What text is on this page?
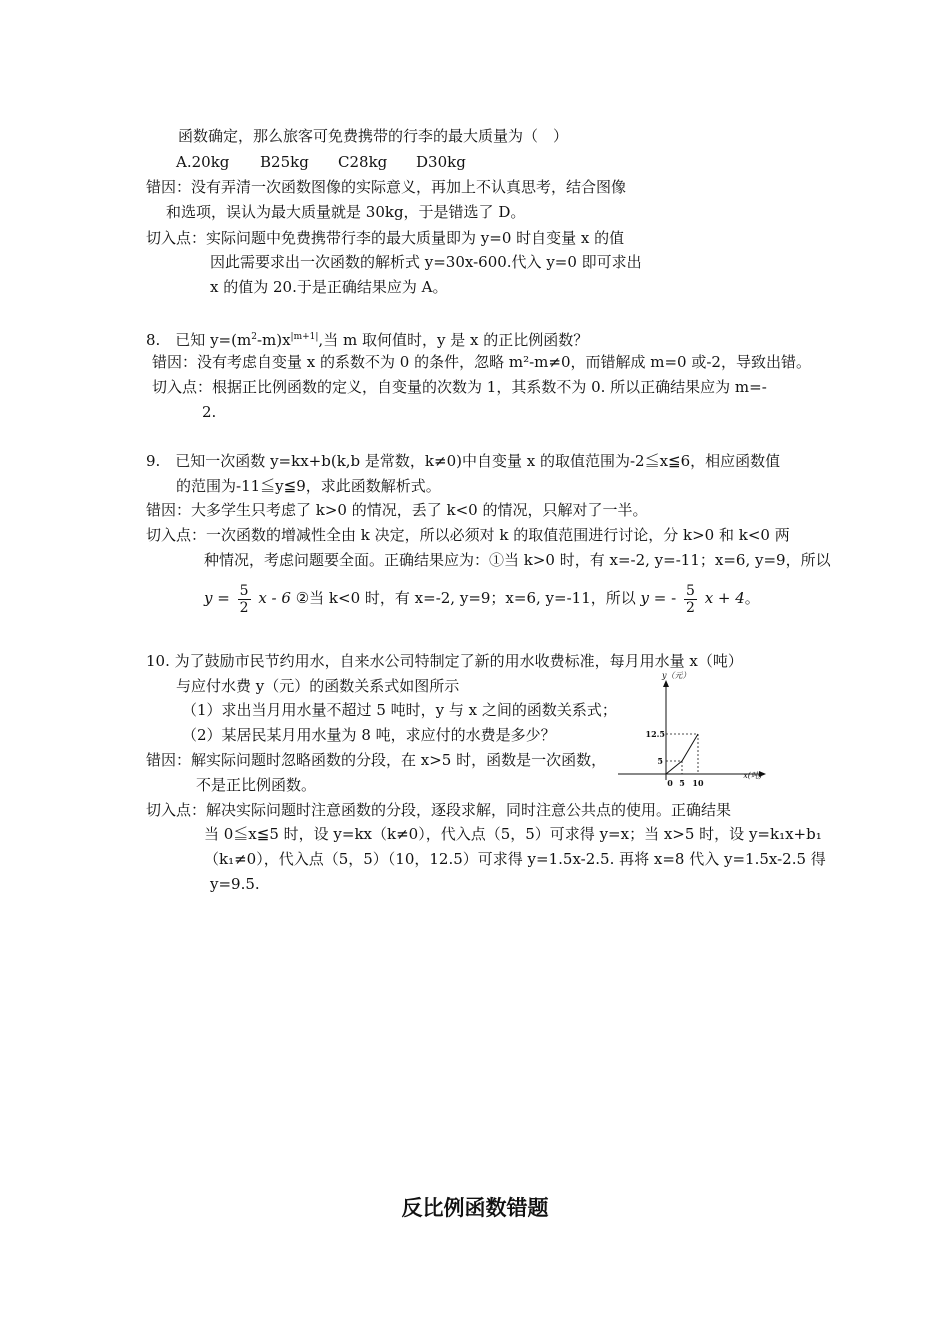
函数确定，那么旅客可免费携带的行李的最大质量为（　）
A.20kg B25kg C28kg D30kg
错因：没有弄清一次函数图像的实际意义，再加上不认真思考，结合图像
和选项，误认为最大质量就是 30kg，于是错选了 D。
切入点：实际问题中免费携带行李的最大质量即为 y=0 时自变量 x 的值
因此需要求出一次函数的解析式 y=30x-600.代入 y=0 即可求出
x 的值为 20.于是正确结果应为 A。
8.　已知 $y=(m^2-m)x^{|m+1|}$,当 m 取何值时，y 是 x 的正比例函数？
错因：没有考虑自变量 x 的系数不为 0 的条件，忽略 m²-m≠0，而错解成 m=0 或-2，导致出错。
切入点：根据正比例函数的定义，自变量的次数为 1，其系数不为 0. 所以正确结果应为 m=-
2.
9.　已知一次函数 y=kx+b(k,b 是常数，k≠0)中自变量 x 的取值范围为-2≦x≦6，相应函数值
的范围为-11≦y≦9，求此函数解析式。
错因：大多学生只考虑了 k>0 的情况，丢了 k<0 的情况，只解对了一半。
切入点：一次函数的增减性全由 k 决定，所以必须对 k 的取值范围进行讨论，分 k>0 和 k<0 两
种情况，考虑问题要全面。正确结果应为：①当 k>0 时，有 x=-2, y=-11；x=6, y=9，所以
$y = \frac{5}{2}$ x - 6 ②当 k<0 时，有 x=-2, y=9；x=6, y=-11，所以 y = - $\frac{5}{2}$ x + 4。
10. 为了鼓励市民节约用水，自来水公司特制定了新的用水收费标准，每月用水量 x（吨）
与应付水费 y（元）的函数关系式如图所示
（1）求出当月用水量不超过 5 吨时，y 与 x 之间的函数关系式；
（2）某居民某月用水量为 8 吨，求应付的水费是多少？
错因：解实际问题时忽略函数的分段，在 x>5 时，函数是一次函数，
不是正比例函数。
切入点：解决实际问题时注意函数的分段，逐段求解，同时注意公共点的使用。正确结果
当 0≦x≦5 时，设 y=kx（k≠0），代入点（5，5）可求得 y=x；当 x>5 时，设 y=k₁x+b₁
（k₁≠0），代入点（5，5）（10，12.5）可求得 y=1.5x-2.5. 再将 x=8 代入 y=1.5x-2.5 得
y=9.5.
y（元）
x(吨)
12.5
5
0 5 10
反比例函数错题
